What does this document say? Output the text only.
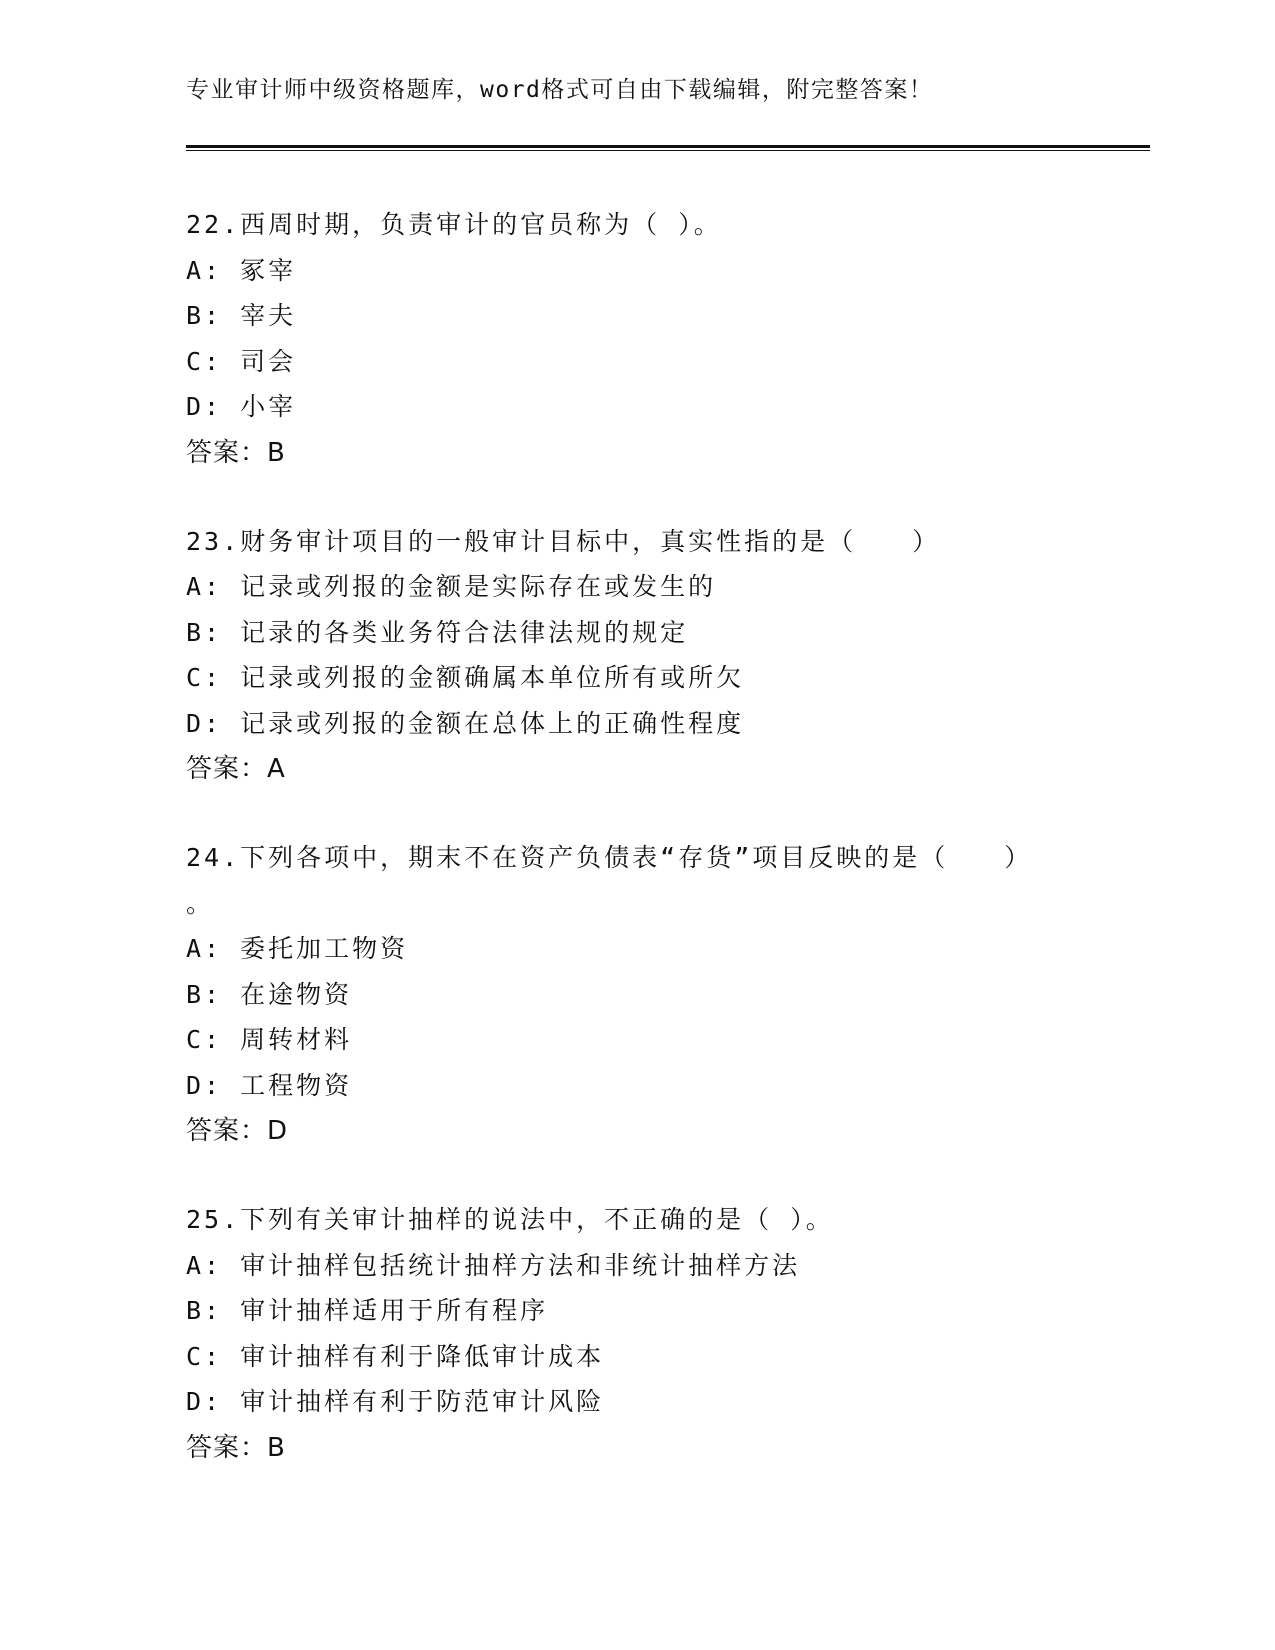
专业审计师中级资格题库，word格式可自由下载编辑，附完整答案！
22.西周时期，负责审计的官员称为（ ）。
A: 冢宰
B: 宰夫
C: 司会
D: 小宰
答案：B
23.财务审计项目的一般审计目标中，真实性指的是（　　）
A: 记录或列报的金额是实际存在或发生的
B: 记录的各类业务符合法律法规的规定
C: 记录或列报的金额确属本单位所有或所欠
D: 记录或列报的金额在总体上的正确性程度
答案：A
24.下列各项中，期末不在资产负债表“存货”项目反映的是（　　）
。
A: 委托加工物资
B: 在途物资
C: 周转材料
D: 工程物资
答案：D
25.下列有关审计抽样的说法中，不正确的是（ ）。
A: 审计抽样包括统计抽样方法和非统计抽样方法
B: 审计抽样适用于所有程序
C: 审计抽样有利于降低审计成本
D: 审计抽样有利于防范审计风险
答案：B
